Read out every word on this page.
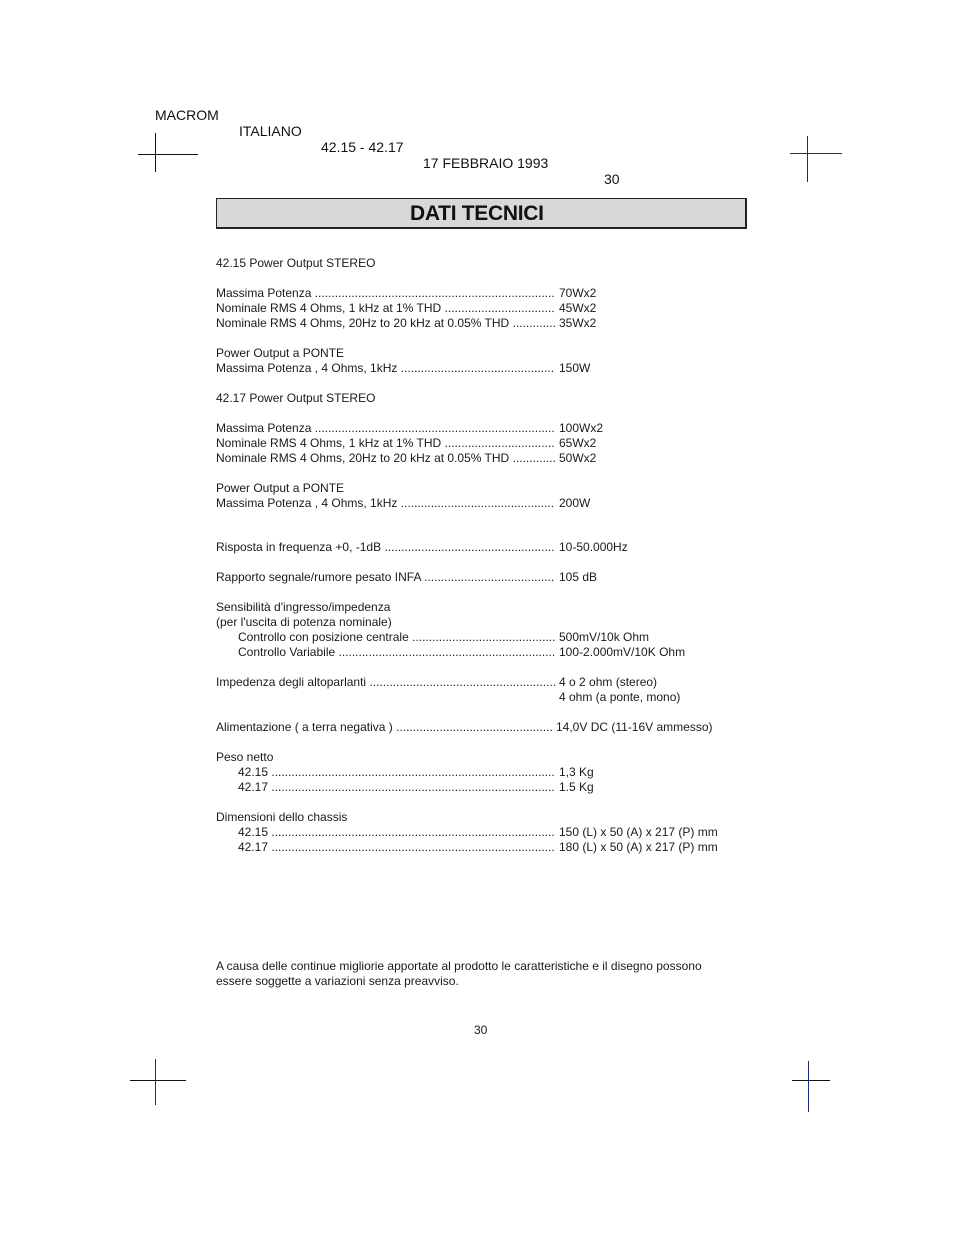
MACROM

ITALIANO

42.15 - 42.17

17 FEBBRAIO 1993

30

DATI TECNICI
42.15 Power Output STEREO
Massima Potenza .....	70Wx2
Nominale RMS 4 Ohms, 1 kHz at 1% THD .....	45Wx2
Nominale RMS 4 Ohms, 20Hz to 20 kHz at 0.05% THD .....	35Wx2
Power Output a PONTE
Massima Potenza , 4 Ohms, 1kHz .....	150W
42.17 Power Output STEREO
Massima Potenza .....	100Wx2
Nominale RMS 4 Ohms, 1 kHz at 1% THD .....	65Wx2
Nominale RMS 4 Ohms, 20Hz to 20 kHz at 0.05% THD .....	50Wx2
Power Output a PONTE
Massima Potenza , 4 Ohms, 1kHz .....	200W
Risposta in frequenza +0, -1dB .....	10-50.000Hz
Rapporto segnale/rumore pesato INFA .....	105 dB
Sensibilità d'ingresso/impedenza
(per l'uscita di potenza nominale)
Controllo con posizione centrale .....	500mV/10k Ohm
Controllo Variabile .....	100-2.000mV/10K Ohm
Impedenza degli altoparlanti .....	4 o 2 ohm (stereo)
4 ohm (a ponte, mono)
Alimentazione ( a terra negativa ) .....	14,0V DC (11-16V ammesso)
Peso netto
42.15 .....	1,3 Kg
42.17 .....	1.5 Kg
Dimensioni dello chassis
42.15 .....	150 (L) x 50 (A) x 217 (P) mm
42.17 .....	180 (L) x 50 (A) x 217 (P) mm
A causa delle continue migliorie apportate al prodotto le caratteristiche e il disegno possono
essere soggette a variazioni senza preavviso.
30
